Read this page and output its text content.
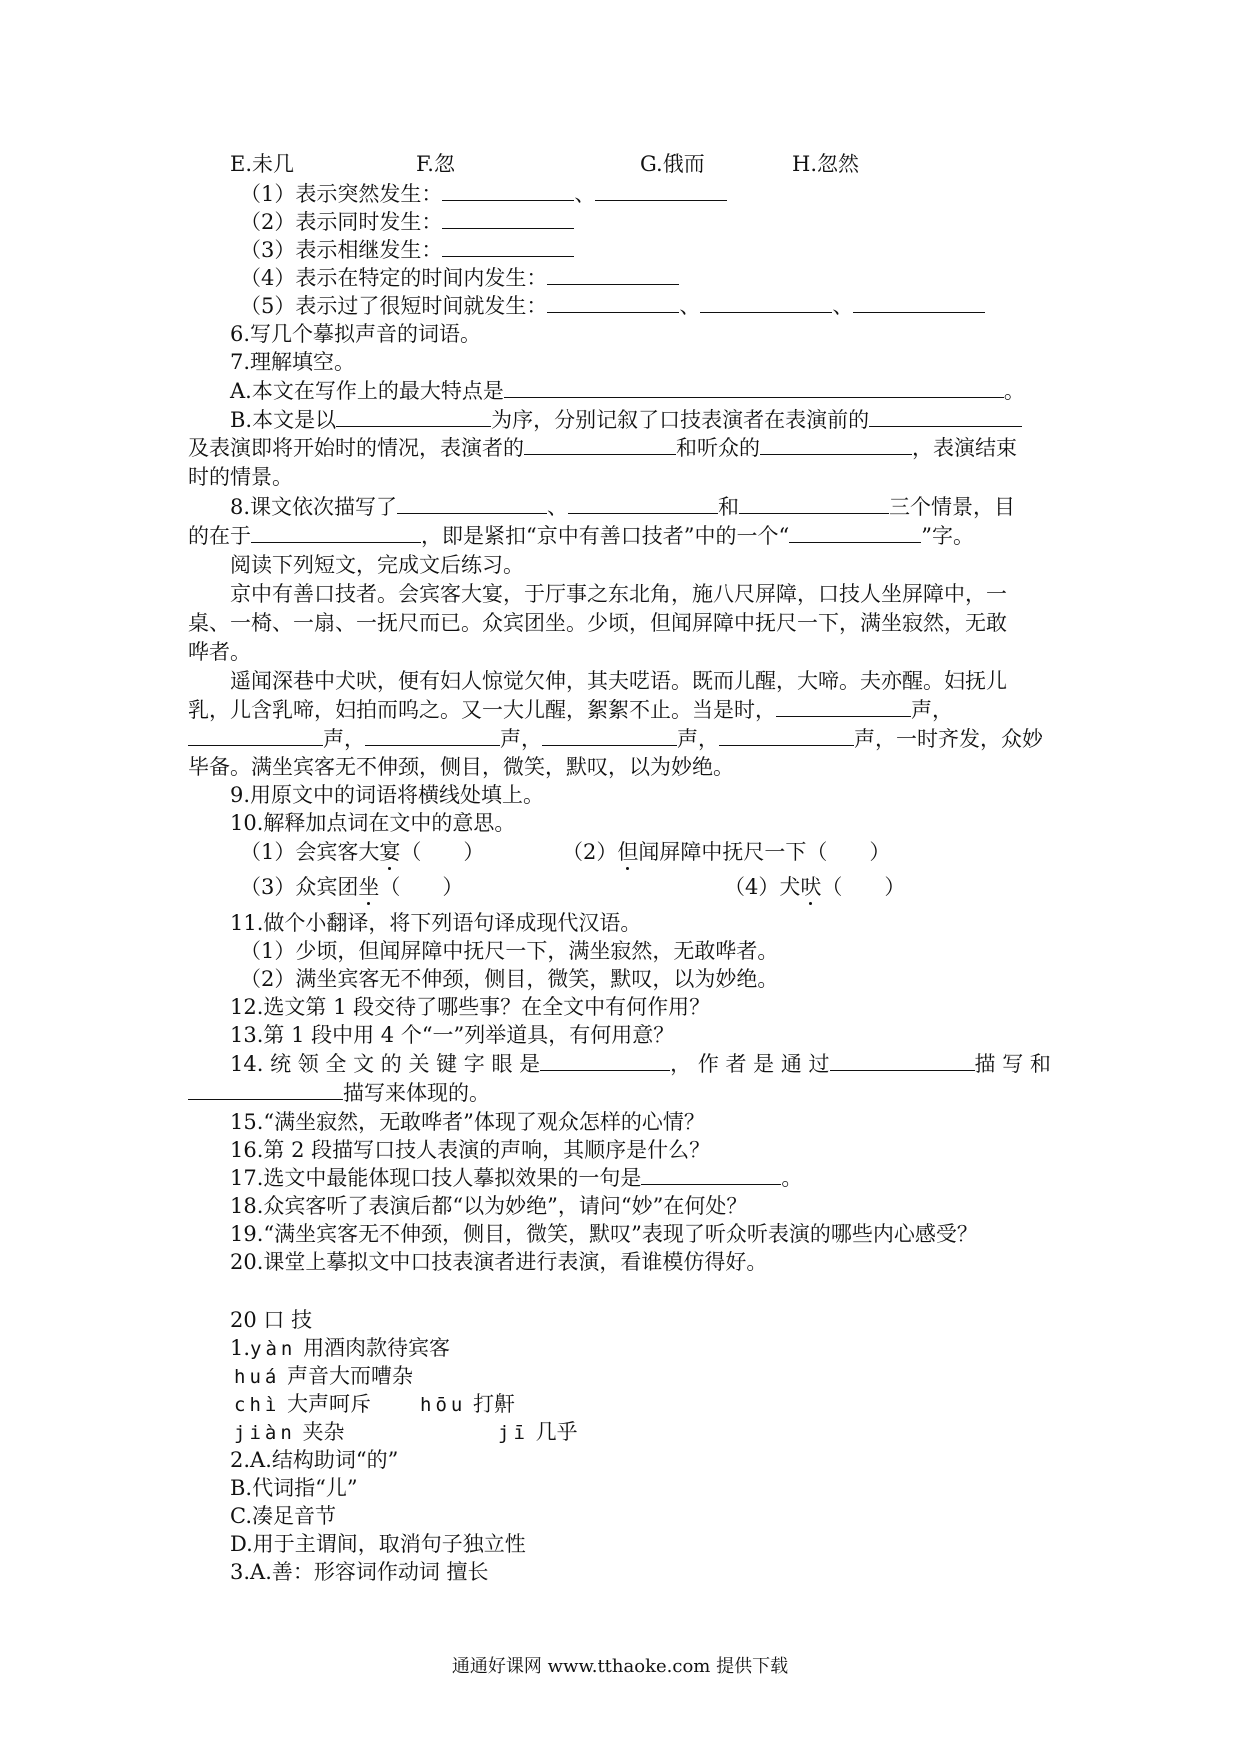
E.未几	F.忽	G.俄而	H.忽然
（1）表示突然发生：	、
（2）表示同时发生：
（3）表示相继发生：
（4）表示在特定的时间内发生：
（5）表示过了很短时间就发生：	、	、
6.写几个摹拟声音的词语。
7.理解填空。
A.本文在写作上的最大特点是	。
B.本文是以	为序，分别记叙了口技表演者在表演前的
及表演即将开始时的情况，表演者的	和听众的	，表演结束
时的情景。
8.课文依次描写了	、	和	三个情景，目
的在于	，即是紧扣“京中有善口技者”中的一个“	”字。
阅读下列短文，完成文后练习。
京中有善口技者。会宾客大宴，于厅事之东北角，施八尺屏障，口技人坐屏障中，一
桌、一椅、一扇、一抚尺而已。众宾团坐。少顷，但闻屏障中抚尺一下，满坐寂然，无敢
哗者。
遥闻深巷中犬吠，便有妇人惊觉欠伸，其夫呓语。既而儿醒，大啼。夫亦醒。妇抚儿
乳，儿含乳啼，妇拍而呜之。又一大儿醒，絮絮不止。当是时，	声，
声，	声，	声，	声，一时齐发，众妙
毕备。满坐宾客无不伸颈，侧目，微笑，默叹，以为妙绝。
9.用原文中的词语将横线处填上。
10.解释加点词在文中的意思。
（1）会宾客大宴（　　）	（2）但闻屏障中抚尺一下（　　）
（3）众宾团坐（　　）	（4）犬吠（　　）
11.做个小翻译，将下列语句译成现代汉语。
（1）少顷，但闻屏障中抚尺一下，满坐寂然，无敢哗者。
（2）满坐宾客无不伸颈，侧目，微笑，默叹，以为妙绝。
12.选文第 1 段交待了哪些事？在全文中有何作用？
13.第 1 段中用 4 个“一”列举道具，有何用意？
14. 统 领 全 文 的 关 键 字 眼 是	， 作 者 是 通 过	描 写 和
描写来体现的。
15.“满坐寂然，无敢哗者”体现了观众怎样的心情？
16.第 2 段描写口技人表演的声响，其顺序是什么？
17.选文中最能体现口技人摹拟效果的一句是	。
18.众宾客听了表演后都“以为妙绝”，请问“妙”在何处？
19.“满坐宾客无不伸颈，侧目，微笑，默叹”表现了听众听表演的哪些内心感受？
20.课堂上摹拟文中口技表演者进行表演，看谁模仿得好。
20 口 技
1.yàn 用酒肉款待宾客
huá 声音大而嘈杂
chì 大声呵斥	hōu 打鼾
jiàn 夹杂	jī 几乎
2.A.结构助词“的”
B.代词指“儿”
C.凑足音节
D.用于主谓间，取消句子独立性
3.A.善：形容词作动词 擅长
通通好课网 www.tthaoke.com 提供下载
